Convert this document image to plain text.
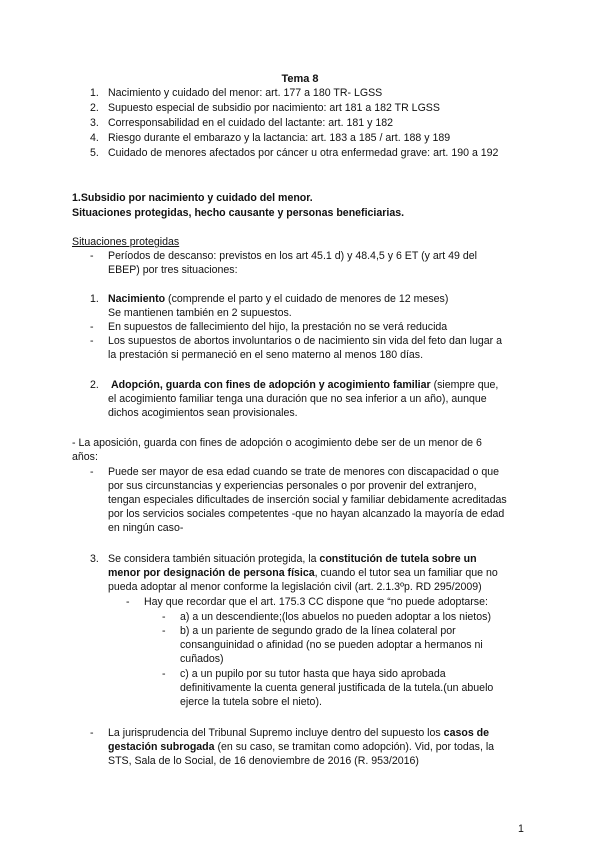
Tema 8
1. Nacimiento y cuidado del menor: art. 177 a 180 TR- LGSS
2. Supuesto especial de subsidio por nacimiento: art 181 a 182 TR LGSS
3. Corresponsabilidad en el cuidado del lactante: art. 181 y 182
4. Riesgo durante el embarazo y la lactancia: art. 183 a 185 / art. 188 y 189
5. Cuidado de menores afectados por cáncer u otra enfermedad grave: art. 190 a 192
1.Subsidio por nacimiento y cuidado del menor.
Situaciones protegidas, hecho causante y personas beneficiarias.
Situaciones protegidas
- Períodos de descanso: previstos en los art 45.1 d) y 48.4,5 y 6 ET (y art 49 del
EBEP) por tres situaciones:
1. Nacimiento (comprende el parto y el cuidado de menores de 12 meses)
Se mantienen también en 2 supuestos.
- En supuestos de fallecimiento del hijo, la prestación no se verá reducida
- Los supuestos de abortos involuntarios o de nacimiento sin vida del feto dan lugar a
la prestación si permaneció en el seno materno al menos 180 días.
2. Adopción, guarda con fines de adopción y acogimiento familiar (siempre que,
el acogimiento familiar tenga una duración que no sea inferior a un año), aunque
dichos acogimientos sean provisionales.
- La aposición, guarda con fines de adopción o acogimiento debe ser de un menor de 6
años:
- Puede ser mayor de esa edad cuando se trate de menores con discapacidad o que
por sus circunstancias y experiencias personales o por provenir del extranjero,
tengan especiales dificultades de inserción social y familiar debidamente acreditadas
por los servicios sociales competentes -que no hayan alcanzado la mayoría de edad
en ningún caso-
3. Se considera también situación protegida, la constitución de tutela sobre un
menor por designación de persona física, cuando el tutor sea un familiar que no
pueda adoptar al menor conforme la legislación civil (art. 2.1.3ºp. RD 295/2009)
- Hay que recordar que el art. 175.3 CC dispone que “no puede adoptarse:
- a) a un descendiente;(los abuelos no pueden adoptar a los nietos)
- b) a un pariente de segundo grado de la línea colateral por
consanguinidad o afinidad (no se pueden adoptar a hermanos ni
cuñados)
- c) a un pupilo por su tutor hasta que haya sido aprobada
definitivamente la cuenta general justificada de la tutela.(un abuelo
ejerce la tutela sobre el nieto).
- La jurisprudencia del Tribunal Supremo incluye dentro del supuesto los casos de
gestación subrogada (en su caso, se tramitan como adopción). Vid, por todas, la
STS, Sala de lo Social, de 16 denoviembre de 2016 (R. 953/2016)
1
